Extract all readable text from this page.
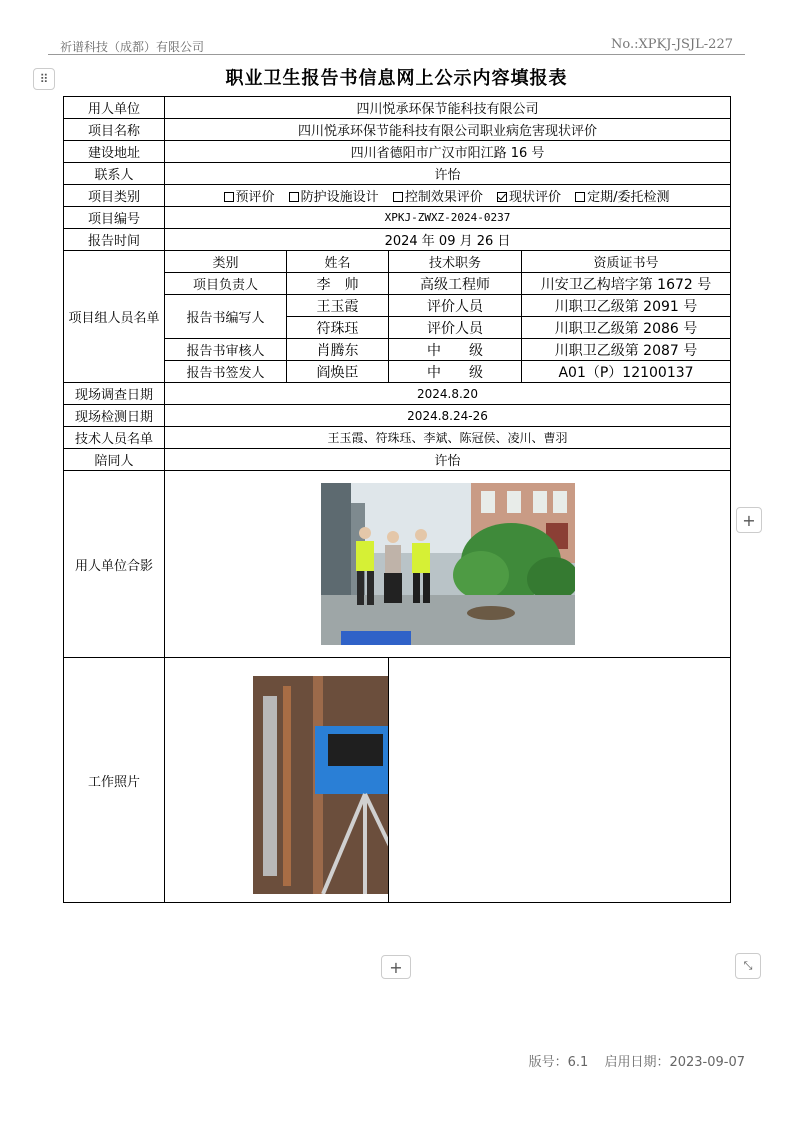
祈谱科技（成都）有限公司	No.:XPKJ-JSJL-227
⠿	职业卫生报告书信息网上公示内容填报表
用人单位	四川悦承环保节能科技有限公司			
项目名称	四川悦承环保节能科技有限公司职业病危害现状评价			
建设地址	四川省德阳市广汉市阳江路 16 号			
联系人	许怡			
项目类别	预评价 防护设施设计 控制效果评价 现状评价 定期/委托检测			
项目编号	XPKJ-ZWXZ-2024-0237			
报告时间	2024 年 09 月 26 日			
项目组人员名单	类别	姓名	技术职务	资质证书号
	项目负责人	李　帅	高级工程师	川安卫乙构培字第 1672 号
	报告书编写人	王玉霞	评价人员	川职卫乙级第 2091 号
		符珠珏	评价人员	川职卫乙级第 2086 号
	报告书审核人	肖腾东	中　　级	川职卫乙级第 2087 号
	报告书签发人	阎焕臣	中　　级	A01（P）12100137
现场调查日期	2024.8.20			
现场检测日期	2024.8.24-26			
技术人员名单	王玉霞、符珠珏、李斌、陈冠侯、凌川、曹羽			
陪同人	许怡			
用人单位合影	

工作照片	

+
+	⤡
版号：6.1 启用日期：2023-09-07
